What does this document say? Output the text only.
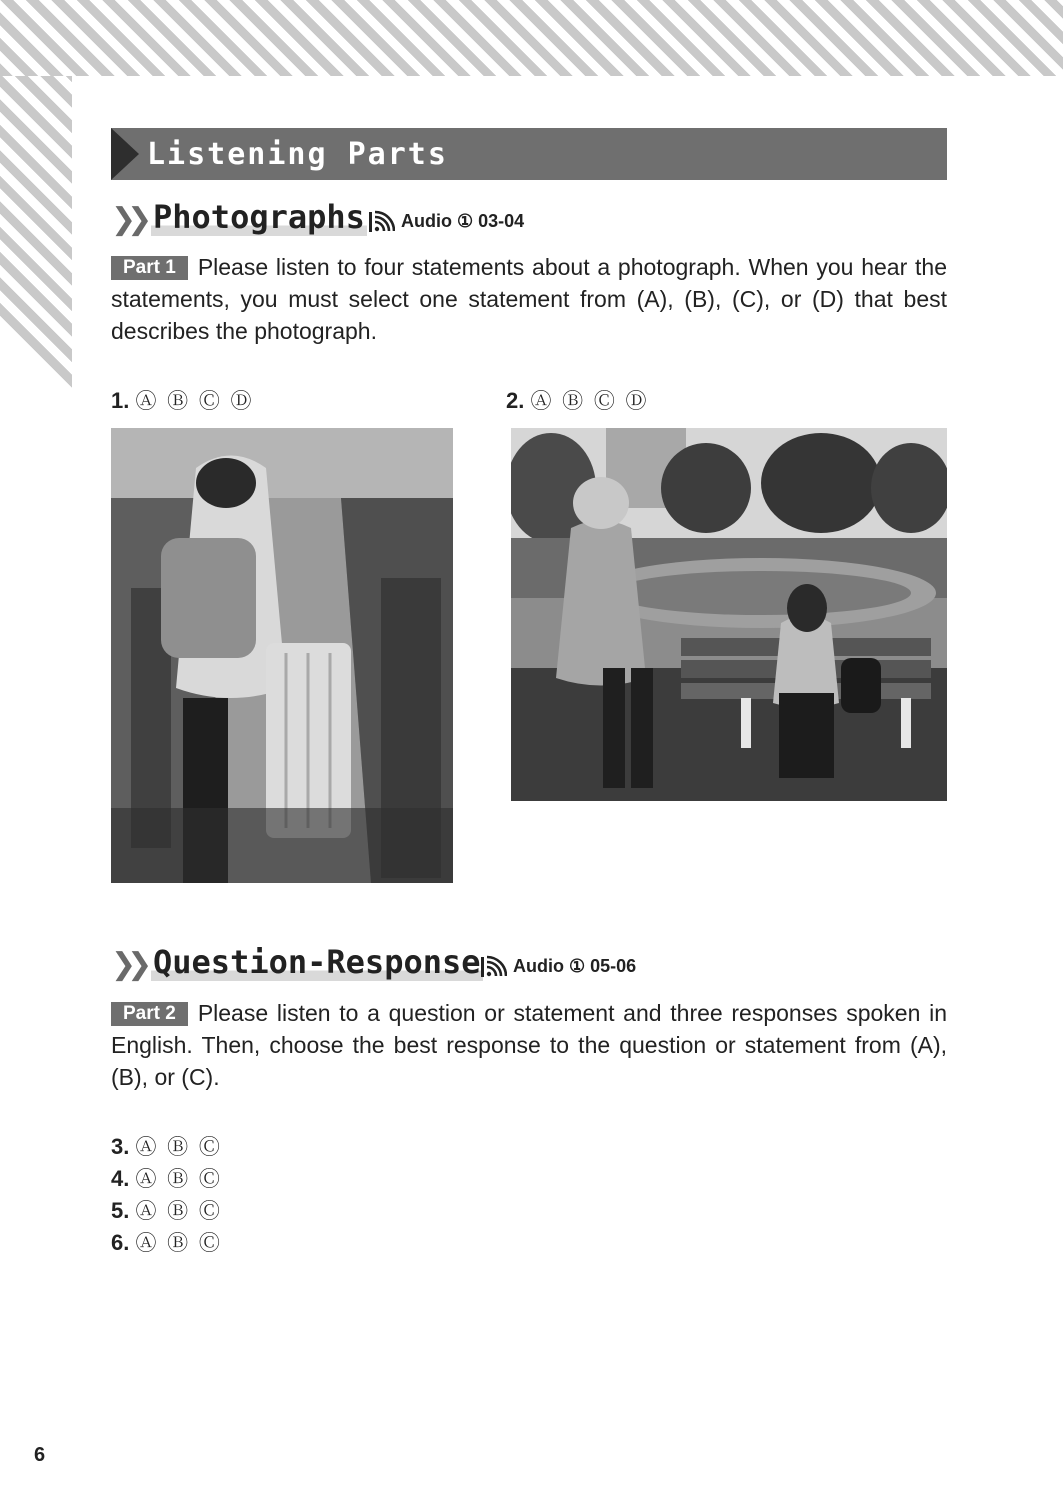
Listening Parts
❯❯ Photographs Audio ① 03-04
Part 1 Please listen to four statements about a photograph. When you hear the statements, you must select one statement from (A), (B), (C), or (D) that best describes the photograph.
1. Ⓐ Ⓑ Ⓒ Ⓓ	2. Ⓐ Ⓑ Ⓒ Ⓓ
❯❯ Question-Response Audio ① 05-06
Part 2 Please listen to a question or statement and three responses spoken in English. Then, choose the best response to the question or statement from (A), (B), or (C).
3. Ⓐ Ⓑ Ⓒ
4. Ⓐ Ⓑ Ⓒ
5. Ⓐ Ⓑ Ⓒ
6. Ⓐ Ⓑ Ⓒ
6
